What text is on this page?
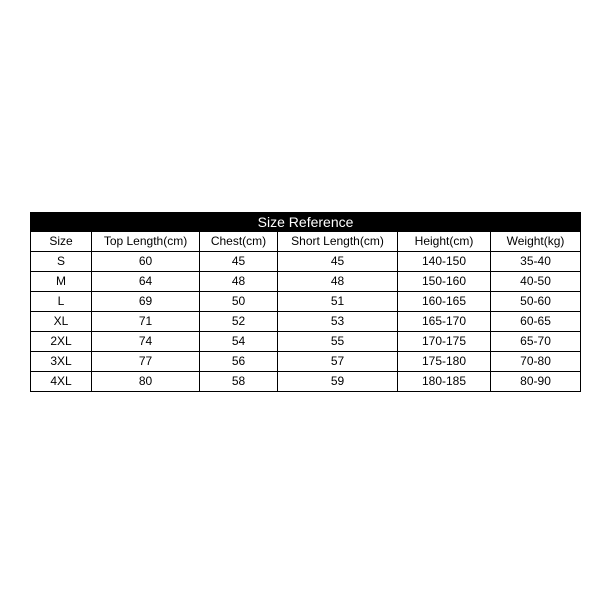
Size Reference					
Size	Top Length(cm)	Chest(cm)	Short Length(cm)	Height(cm)	Weight(kg)
S	60	45	45	140-150	35-40
M	64	48	48	150-160	40-50
L	69	50	51	160-165	50-60
XL	71	52	53	165-170	60-65
2XL	74	54	55	170-175	65-70
3XL	77	56	57	175-180	70-80
4XL	80	58	59	180-185	80-90
